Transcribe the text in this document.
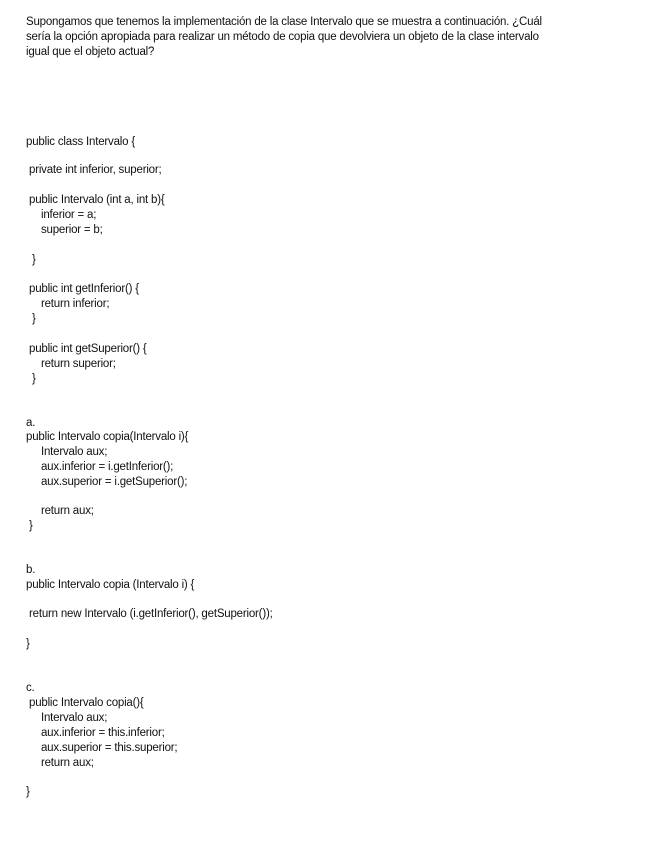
Supongamos que tenemos la implementación de la clase Intervalo que se muestra a continuación. ¿Cuál
sería la opción apropiada para realizar un método de copia que devolviera un objeto de la clase intervalo
igual que el objeto actual?
public class Intervalo {
private int inferior, superior;
public Intervalo (int a, int b){
inferior = a;
superior = b;
}
public int getInferior() {
return inferior;
}
public int getSuperior() {
return superior;
}
a.
public Intervalo copia(Intervalo i){
Intervalo aux;
aux.inferior = i.getInferior();
aux.superior = i.getSuperior();
return aux;
}
b.
public Intervalo copia (Intervalo i) {
return new Intervalo (i.getInferior(), getSuperior());
}
c.
public Intervalo copia(){
Intervalo aux;
aux.inferior = this.inferior;
aux.superior = this.superior;
return aux;
}
